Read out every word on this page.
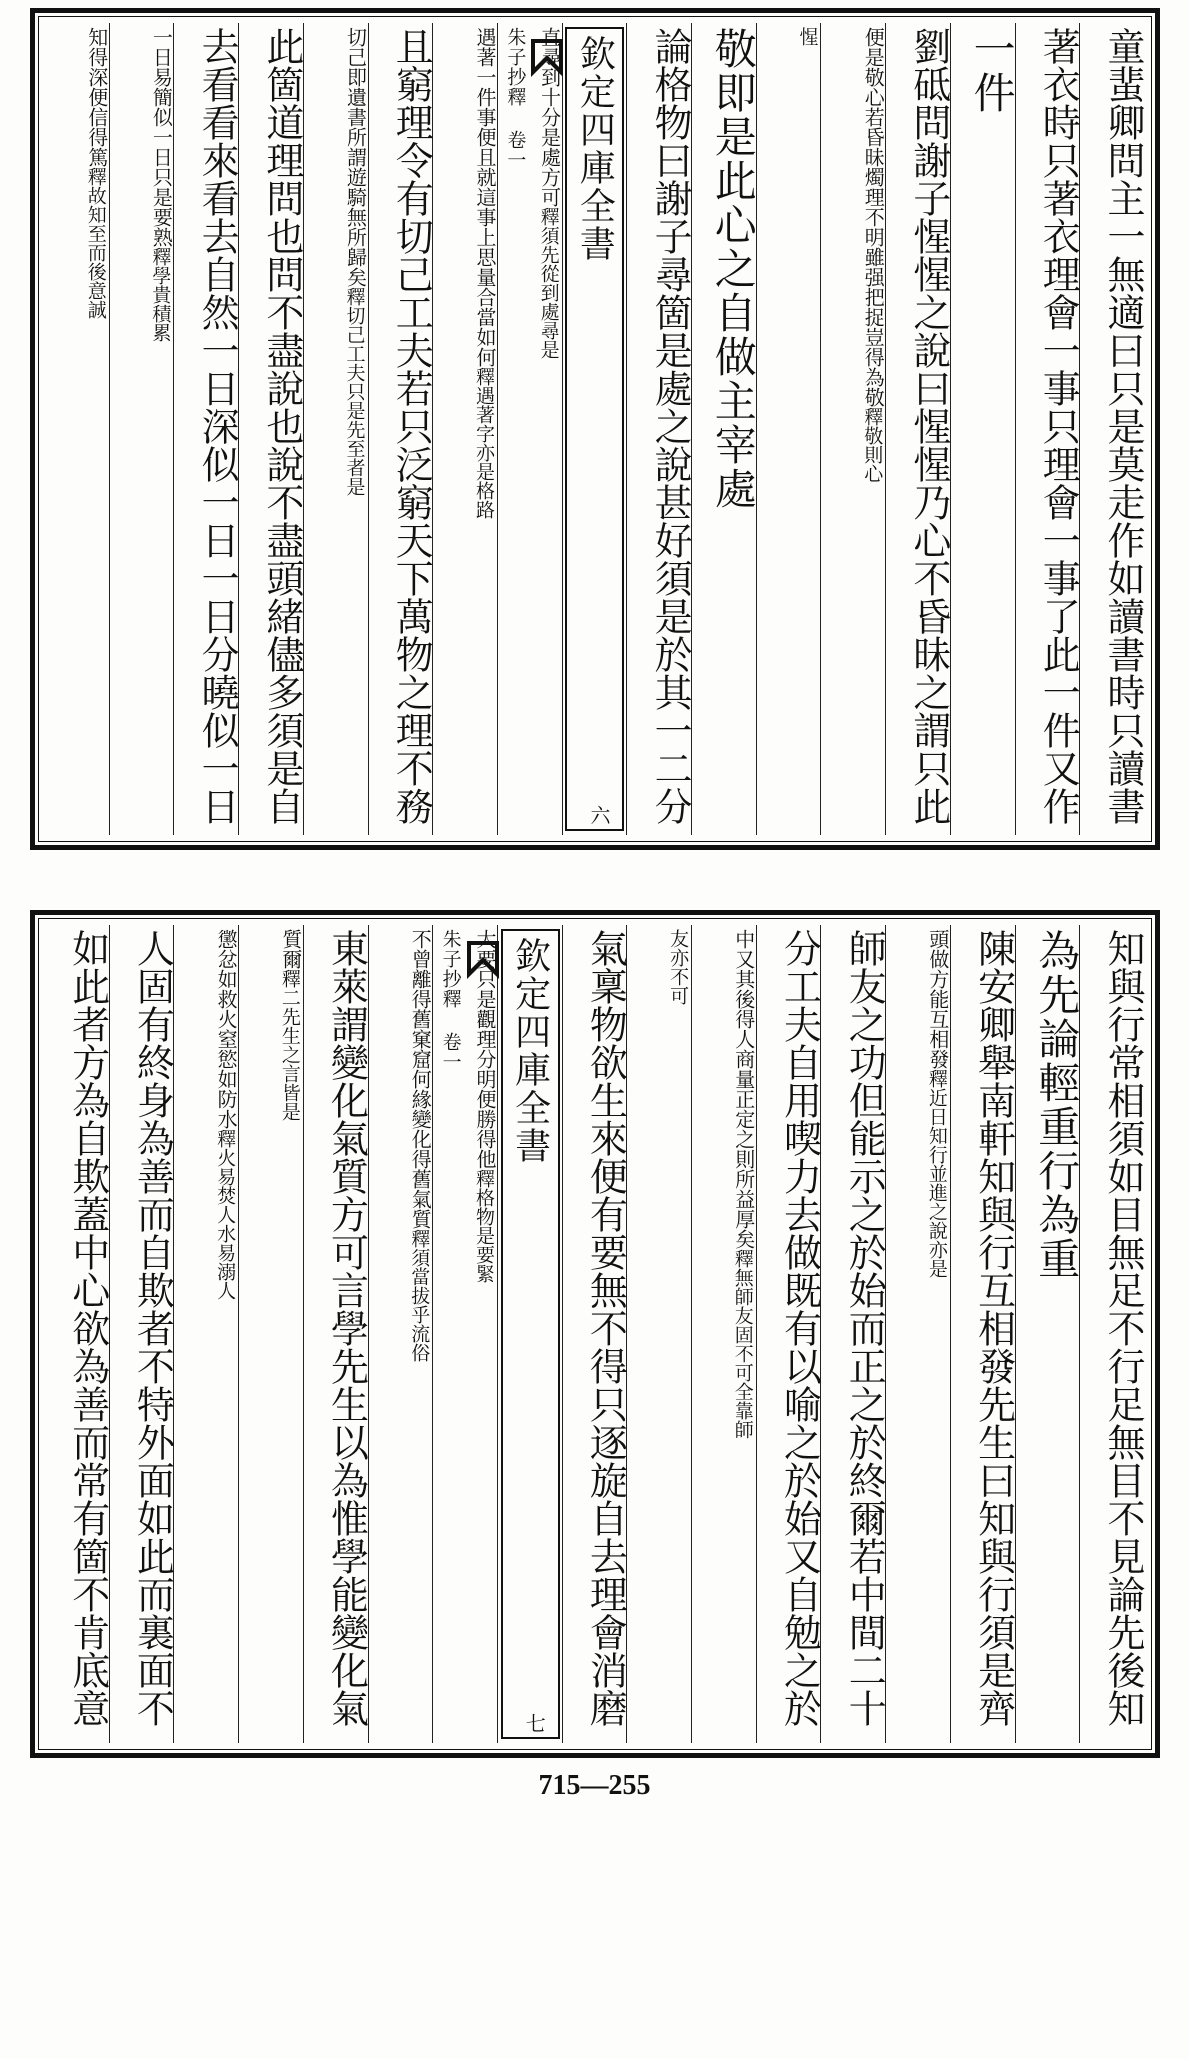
童蜚卿問主一無適曰只是莫走作如讀書時只讀書
著衣時只著衣理會一事只理會一事了此一件又作
一件
劉砥問謝子惺惺之說曰惺惺乃心不昏昧之謂只此
便是敬心若昏昧燭理不明雖强把捉豈得為敬釋敬則心
惺
敬即是此心之自做主宰處
論格物曰謝子尋箇是處之說甚好須是於其一二分
欽定四庫全書
朱子抄釋 卷一
六
直尋到十分是處方可釋須先從到處尋是
遇著一件事便且就這事上思量合當如何釋遇著字亦是格路
且窮理令有切己工夫若只泛窮天下萬物之理不務
切己即遺書所謂遊騎無所歸矣釋切己工夫只是先至者是
此箇道理問也問不盡說也說不盡頭緒儘多須是自
去看看來看去自然一日深似一日一日分曉似一日
一日易簡似一日只是要熟釋學貴積累
知得深便信得篤釋故知至而後意誠
知與行常相須如目無足不行足無目不見論先後知
為先論輕重行為重
陳安卿舉南軒知與行互相發先生曰知與行須是齊
頭做方能互相發釋近日知行並進之說亦是
師友之功但能示之於始而正之於終爾若中間二十
分工夫自用喫力去做既有以喻之於始又自勉之於
中又其後得人商量正定之則所益厚矣釋無師友固不可全靠師
友亦不可
氣稟物欲生來便有要無不得只逐旋自去理會消磨
欽定四庫全書
朱子抄釋 卷一
七
大要只是觀理分明便勝得他釋格物是要緊
不曾離得舊窠窟何緣變化得舊氣質釋須當拔乎流俗
東萊謂變化氣質方可言學先生以為惟學能變化氣
質爾釋二先生之言皆是
懲忿如救火窒慾如防水釋火易焚人水易溺人
人固有終身為善而自欺者不特外面如此而裏面不
如此者方為自欺蓋中心欲為善而常有箇不肯底意
715—255
